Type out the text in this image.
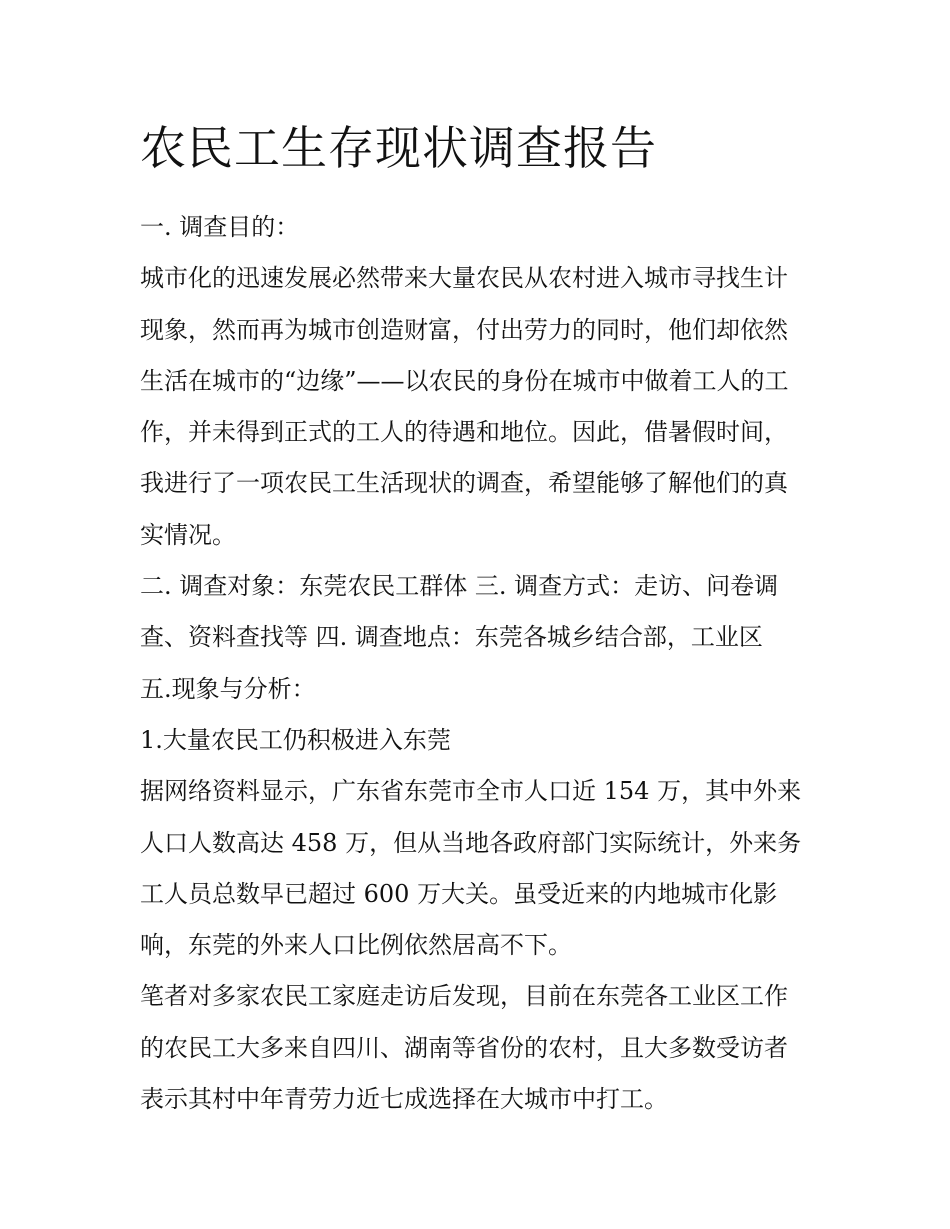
农民工生存现状调查报告
一. 调查目的：
城市化的迅速发展必然带来大量农民从农村进入城市寻找生计
现象，然而再为城市创造财富，付出劳力的同时，他们却依然
生活在城市的“边缘”——以农民的身份在城市中做着工人的工
作，并未得到正式的工人的待遇和地位。因此，借暑假时间，
我进行了一项农民工生活现状的调查，希望能够了解他们的真
实情况。
二. 调查对象：东莞农民工群体 三. 调查方式：走访、问卷调
查、资料查找等 四. 调查地点：东莞各城乡结合部，工业区
五.现象与分析：
1.大量农民工仍积极进入东莞
据网络资料显示，广东省东莞市全市人口近 154 万，其中外来
人口人数高达 458 万，但从当地各政府部门实际统计，外来务
工人员总数早已超过 600 万大关。虽受近来的内地城市化影
响，东莞的外来人口比例依然居高不下。
笔者对多家农民工家庭走访后发现，目前在东莞各工业区工作
的农民工大多来自四川、湖南等省份的农村，且大多数受访者
表示其村中年青劳力近七成选择在大城市中打工。
